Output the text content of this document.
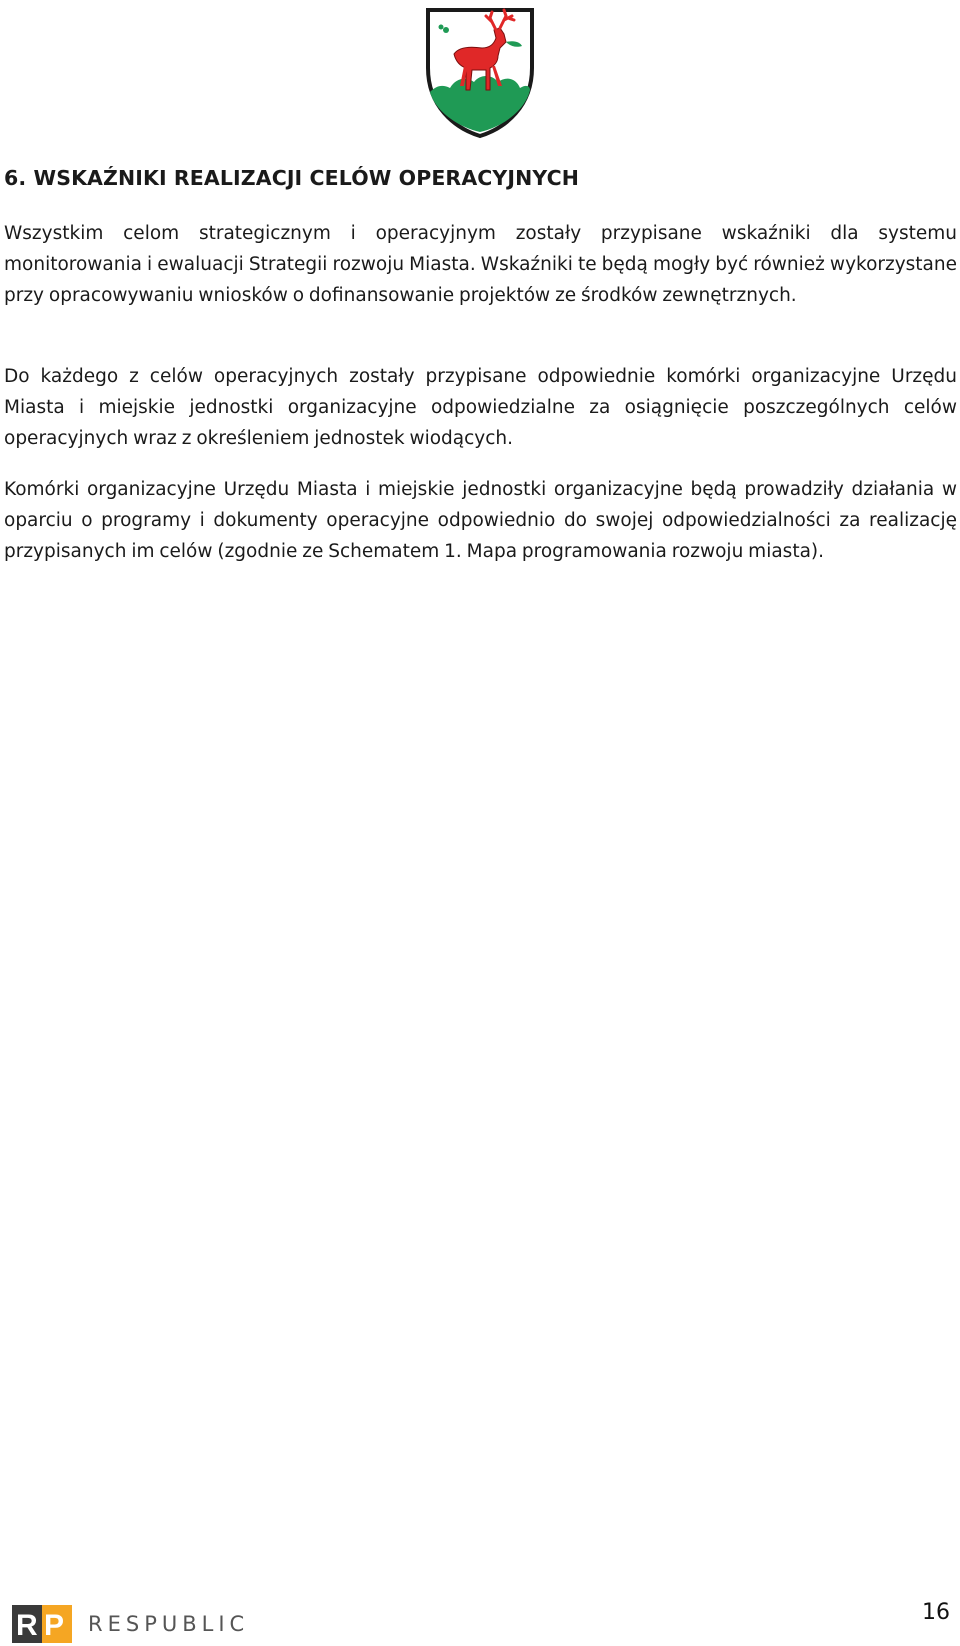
6. WSKAŹNIKI REALIZACJI CELÓW OPERACYJNYCH

Wszystkim celom strategicznym i operacyjnym zostały przypisane wskaźniki dla systemu monitorowania i ewaluacji Strategii rozwoju Miasta. Wskaźniki te będą mogły być również wykorzystane przy opracowywaniu wniosków o dofinansowanie projektów ze środków zewnętrznych.

Do każdego z celów operacyjnych zostały przypisane odpowiednie komórki organizacyjne Urzędu Miasta i miejskie jednostki organizacyjne odpowiedzialne za osiągnięcie poszczególnych celów operacyjnych wraz z określeniem jednostek wiodących.

Komórki organizacyjne Urzędu Miasta i miejskie jednostki organizacyjne będą prowadziły działania w oparciu o programy i dokumenty operacyjne odpowiednio do swojej odpowiedzialności za realizację przypisanych im celów (zgodnie ze Schematem 1. Mapa programowania rozwoju miasta).

R P RESPUBLIC	16
